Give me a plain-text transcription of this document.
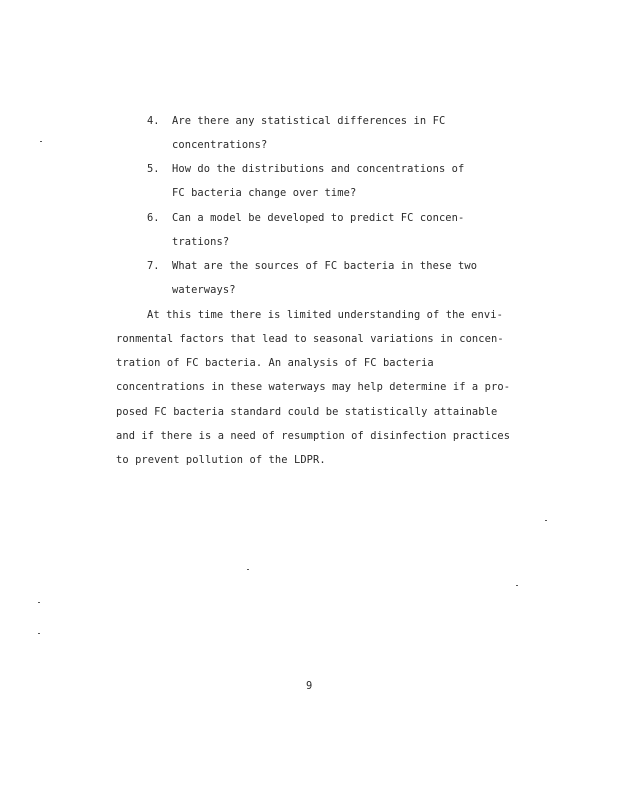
4. Are there any statistical differences in FC
concentrations?
5. How do the distributions and concentrations of
FC bacteria change over time?
6. Can a model be developed to predict FC concen-
trations?
7. What are the sources of FC bacteria in these two
waterways?
At this time there is limited understanding of the envi-
ronmental factors that lead to seasonal variations in concen-
tration of FC bacteria. An analysis of FC bacteria
concentrations in these waterways may help determine if a pro-
posed FC bacteria standard could be statistically attainable
and if there is a need of resumption of disinfection practices
to prevent pollution of the LDPR.
9
